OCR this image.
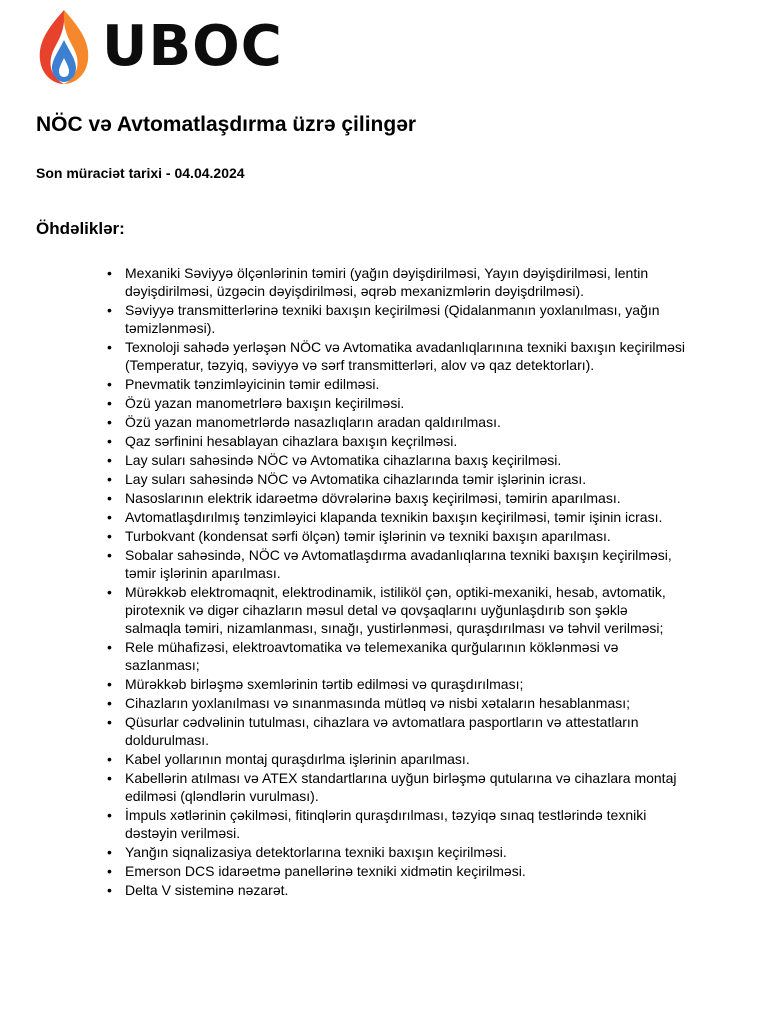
UBOC
NÖC və Avtomatlaşdırma üzrə çilingər

Son müraciət tarixi - 04.04.2024

Öhdəliklər:
• Mexaniki Səviyyə ölçənlərinin təmiri (yağın dəyişdirilməsi, Yayın dəyişdirilməsi, lentin dəyişdirilməsi, üzgəcin dəyişdirilməsi, əqrəb mexanizmlərin dəyişdrilməsi).
• Səviyyə transmitterlərinə texniki baxışın keçirilməsi (Qidalanmanın yoxlanılması, yağın təmizlənməsi).
• Texnoloji sahədə yerləşən NÖC və Avtomatika avadanlıqlarınına texniki baxışın keçirilməsi (Temperatur, təzyiq, səviyyə və sərf transmitterləri, alov və qaz detektorları).
• Pnevmatik tənzimləyicinin təmir edilməsi.
• Özü yazan manometrlərə baxışın keçirilməsi.
• Özü yazan manometrlərdə nasazlıqların aradan qaldırılması.
• Qaz sərfinini hesablayan cihazlara baxışın keçrilməsi.
• Lay suları sahəsində NÖC və Avtomatika cihazlarına baxış keçirilməsi.
• Lay suları sahəsində NÖC və Avtomatika cihazlarında təmir işlərinin icrası.
• Nasoslarının elektrik idarəetmə dövrələrinə baxış keçirilməsi, təmirin aparılması.
• Avtomatlaşdırılmış tənzimləyici klapanda texnikin baxışın keçirilməsi, təmir işinin icrası.
• Turbokvant (kondensat sərfi ölçən) təmir işlərinin və texniki baxışın aparılması.
• Sobalar sahəsində, NÖC və Avtomatlaşdırma avadanlıqlarına texniki baxışın keçirilməsi, təmir işlərinin aparılması.
• Mürəkkəb elektromaqnit, elektrodinamik, istiliköl çən, optiki-mexaniki, hesab, avtomatik, pirotexnik və digər cihazların məsul detal və qovşaqlarını uyğunlaşdırıb son şəklə salmaqla təmiri, nizamlanması, sınağı, yustirlənməsi, quraşdırılması və təhvil verilməsi;
• Rele mühafizəsi, elektroavtomatika və telemexanika qurğularının köklənməsi və sazlanması;
• Mürəkkəb birləşmə sxemlərinin tərtib edilməsi və quraşdırılması;
• Cihazların yoxlanılması və sınanmasında mütləq və nisbi xətaların hesablanması;
• Qüsurlar cədvəlinin tutulması, cihazlara və avtomatlara pasportların və attestatların doldurulması.
• Kabel yollarının montaj quraşdırlma işlərinin aparılması.
• Kabellərin atılması və ATEX standartlarına uyğun birləşmə qutularına və cihazlara montaj edilməsi (qləndlərin vurulması).
• İmpuls xətlərinin çəkilməsi, fitinqlərin quraşdırılması, təzyiqə sınaq testlərində texniki dəstəyin verilməsi.
• Yanğın siqnalizasiya detektorlarına texniki baxışın keçirilməsi.
• Emerson DCS idarəetmə panellərinə texniki xidmətin keçirilməsi.
• Delta V sisteminə nəzarət.
